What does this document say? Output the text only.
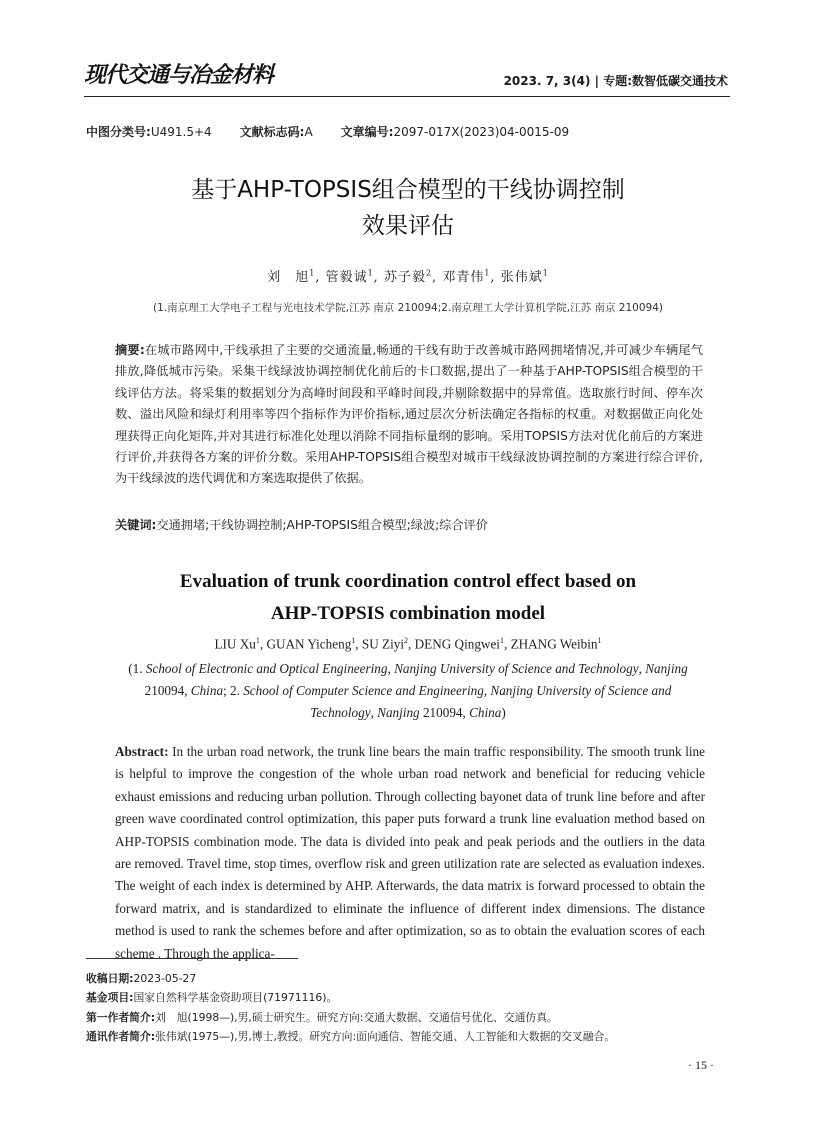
现代交通与冶金材料	2023. 7, 3(4) | 专题:数智低碳交通技术
中图分类号:U491.5+4 文献标志码:A 文章编号:2097-017X(2023)04-0015-09
基于AHP-TOPSIS组合模型的干线协调控制
效果评估
刘　旭$^1$, 管毅诚$^1$, 苏子毅$^2$, 邓青伟$^1$, 张伟斌$^1$
(1.南京理工大学电子工程与光电技术学院,江苏 南京 210094;2.南京理工大学计算机学院,江苏 南京 210094)
摘要:在城市路网中,干线承担了主要的交通流量,畅通的干线有助于改善城市路网拥堵情况,并可减少车辆尾气排放,降低城市污染。采集干线绿波协调控制优化前后的卡口数据,提出了一种基于AHP-TOPSIS组合模型的干线评估方法。将采集的数据划分为高峰时间段和平峰时间段,并剔除数据中的异常值。选取旅行时间、停车次数、溢出风险和绿灯利用率等四个指标作为评价指标,通过层次分析法确定各指标的权重。对数据做正向化处理获得正向化矩阵,并对其进行标准化处理以消除不同指标量纲的影响。采用TOPSIS方法对优化前后的方案进行评价,并获得各方案的评价分数。采用AHP-TOPSIS组合模型对城市干线绿波协调控制的方案进行综合评价,为干线绿波的迭代调优和方案选取提供了依据。
关键词:交通拥堵;干线协调控制;AHP-TOPSIS组合模型;绿波;综合评价
Evaluation of trunk coordination control effect based on
AHP-TOPSIS combination model
LIU Xu$^1$, GUAN Yicheng$^1$, SU Ziyi$^2$, DENG Qingwei$^1$, ZHANG Weibin$^1$
(1. School of Electronic and Optical Engineering, Nanjing University of Science and Technology, Nanjing 210094, China; 2. School of Computer Science and Engineering, Nanjing University of Science and Technology, Nanjing 210094, China)
Abstract: In the urban road network, the trunk line bears the main traffic responsibility. The smooth trunk line is helpful to improve the congestion of the whole urban road network and beneficial for reducing vehicle exhaust emissions and reducing urban pollution. Through collecting bayonet data of trunk line before and after green wave coordinated control optimization, this paper puts forward a trunk line evaluation method based on AHP-TOPSIS combination mode. The data is divided into peak and peak periods and the outliers in the data are removed. Travel time, stop times, overflow risk and green utilization rate are selected as evaluation indexes. The weight of each index is determined by AHP. Afterwards, the data matrix is forward processed to obtain the forward matrix, and is standardized to eliminate the influence of different index dimensions. The distance method is used to rank the schemes before and after optimization, so as to obtain the evaluation scores of each scheme . Through the applica-
收稿日期:2023-05-27
基金项目:国家自然科学基金资助项目(71971116)。
第一作者简介:刘　旭(1998—),男,硕士研究生。研究方向:交通大数据、交通信号优化、交通仿真。
通讯作者简介:张伟斌(1975—),男,博士,教授。研究方向:面向通信、智能交通、人工智能和大数据的交叉融合。
· 15 ·
